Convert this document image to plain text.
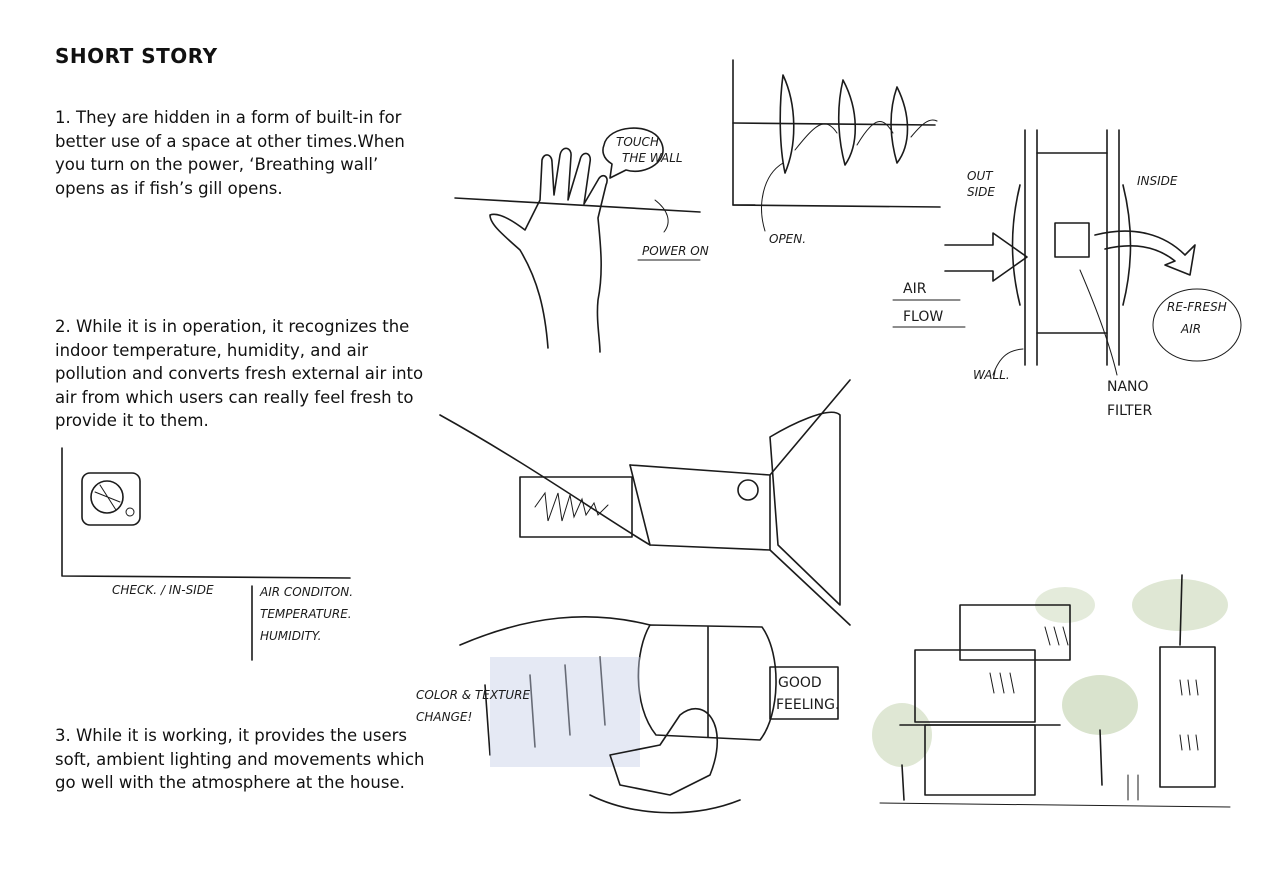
SHORT STORY
1. They are hidden in a form of built-in for better use of a space at other times.When you turn on the power, ‘Breathing wall’ opens as if fish’s gill opens.
2. While it is in operation, it recognizes the indoor temperature, humidity, and air pollution and converts fresh external air into air from which users can really feel fresh to provide it to them.
3. While it is working, it provides the users soft, ambient lighting and movements which go well with the atmosphere at the house.
CHECK. / IN-SIDE	AIR CONDITON.
TEMPERATURE.
HUMIDITY.
TOUCH
THE WALL
POWER ON
OPEN.
OUT
SIDE
INSIDE
AIR
FLOW
RE-FRESH
AIR
WALL.
NANO
FILTER
GOOD
FEELING.
COLOR & TEXTURE
CHANGE!
